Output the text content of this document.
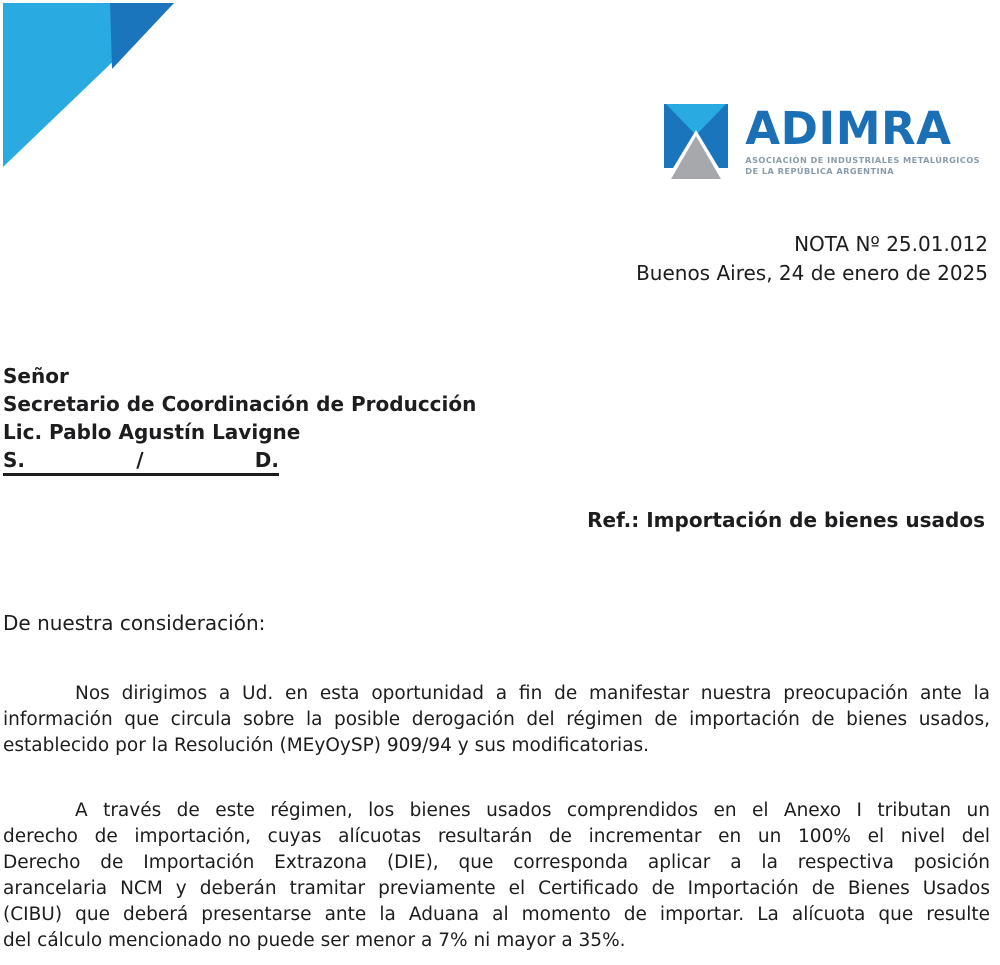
ADIMRA
ASOCIACIÓN DE INDUSTRIALES METALÚRGICOS
DE LA REPÚBLICA ARGENTINA
NOTA Nº 25.01.012
Buenos Aires, 24 de enero de 2025
Señor
Secretario de Coordinación de Producción
Lic. Pablo Agustín Lavigne
S.	/	D.
Ref.: Importación de bienes usados
De nuestra consideración:
Nos dirigimos a Ud. en esta oportunidad a fin de manifestar nuestra preocupación ante la
información que circula sobre la posible derogación del régimen de importación de bienes usados,
establecido por la Resolución (MEyOySP) 909/94 y sus modificatorias.
A través de este régimen, los bienes usados comprendidos en el Anexo I tributan un
derecho de importación, cuyas alícuotas resultarán de incrementar en un 100% el nivel del
Derecho de Importación Extrazona (DIE), que corresponda aplicar a la respectiva posición
arancelaria NCM y deberán tramitar previamente el Certificado de Importación de Bienes Usados
(CIBU) que deberá presentarse ante la Aduana al momento de importar. La alícuota que resulte
del cálculo mencionado no puede ser menor a 7% ni mayor a 35%.
